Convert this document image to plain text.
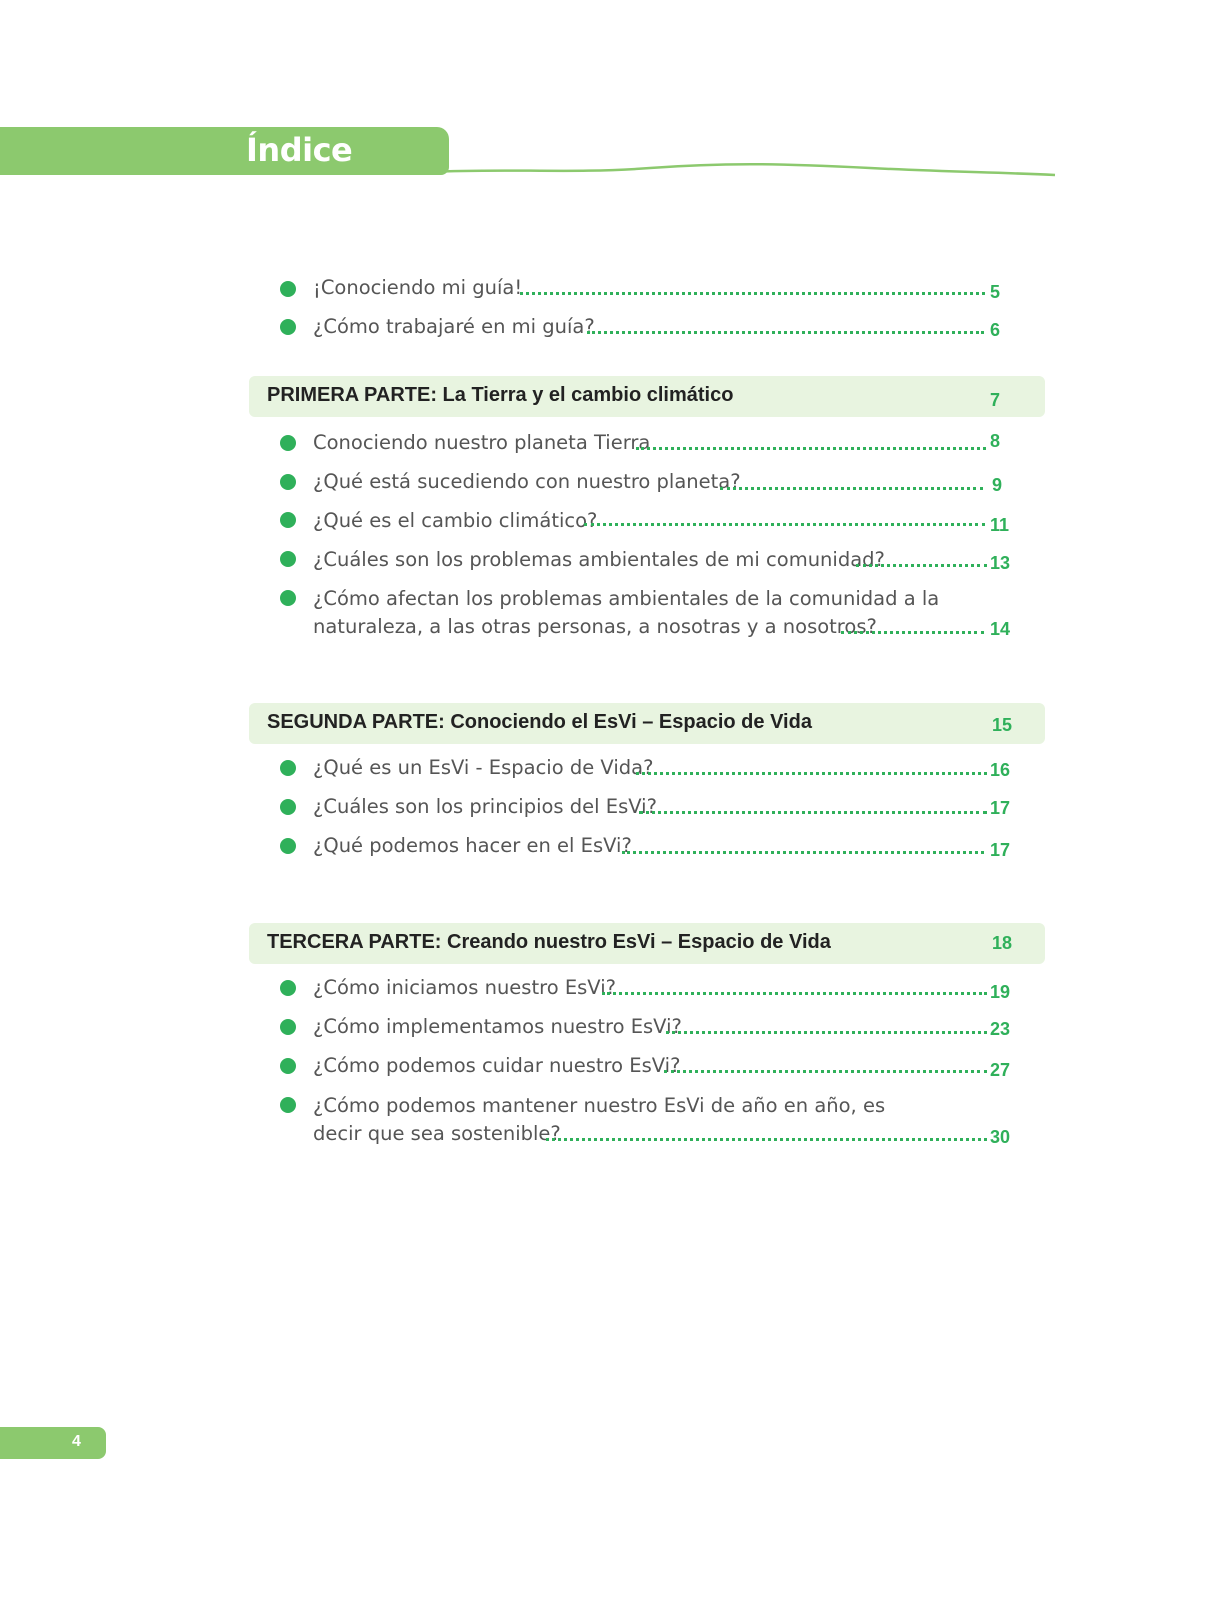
Índice
¡Conociendo mi guía!	5
¿Cómo trabajaré en mi guía?	6
PRIMERA PARTE: La Tierra y el cambio climático	7
Conociendo nuestro planeta Tierra	8
¿Qué está sucediendo con nuestro planeta?	9
¿Qué es el cambio climático?	11
¿Cuáles son los problemas ambientales de mi comunidad?	13
¿Cómo afectan los problemas ambientales de la comunidad a la
naturaleza, a las otras personas, a nosotras y a nosotros?	14
SEGUNDA PARTE: Conociendo el EsVi – Espacio de Vida	15
¿Qué es un EsVi - Espacio de Vida?	16
¿Cuáles son los principios del EsVi?	17
¿Qué podemos hacer en el EsVi?	17
TERCERA PARTE: Creando nuestro EsVi – Espacio de Vida	18
¿Cómo iniciamos nuestro EsVi?	19
¿Cómo implementamos nuestro EsVi?	23
¿Cómo podemos cuidar nuestro EsVi?	27
¿Cómo podemos mantener nuestro EsVi de año en año, es
decir que sea sostenible?	30
4
